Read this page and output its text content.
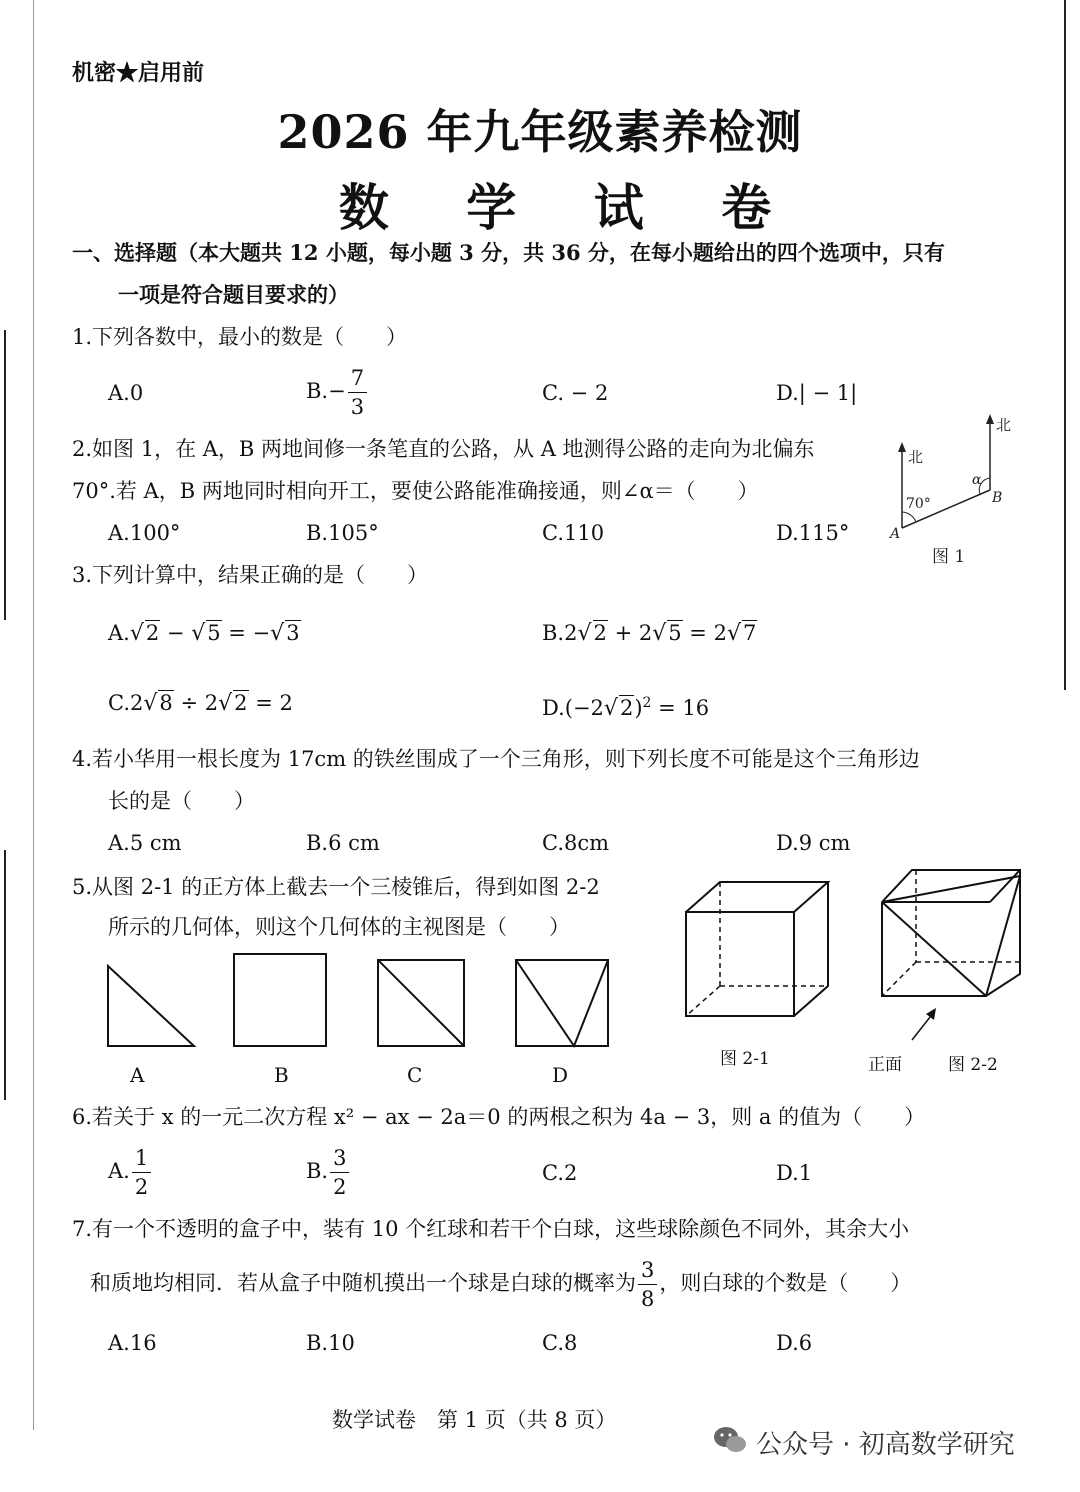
机密★启用前
2026 年九年级素养检测
数 学 试 卷
一、选择题（本大题共 12 小题，每小题 3 分，共 36 分，在每小题给出的四个选项中，只有
一项是符合题目要求的）
1.下列各数中，最小的数是（　　）
A.0	$B.- \frac{7}{3}$	C. − 2	D.| − 1|
2.如图 1，在 A，B 两地间修一条笔直的公路，从 A 地测得公路的走向为北偏东
70°.若 A，B 两地同时相向开工，要使公路能准确接通，则∠α＝（　　）
A.100°	B.105°	C.110	D.115°
北
北
70°
α
A
B
图 1
3.下列计算中，结果正确的是（　　）
A.√2 − √5 = −√3	B.2√2 + 2√5 = 2√7
C.2√8 ÷ 2√2 = 2	$D.(-2√2)^2 = 16$
4.若小华用一根长度为 17cm 的铁丝围成了一个三角形，则下列长度不可能是这个三角形边
长的是（　　）
A.5 cm	B.6 cm	C.8cm	D.9 cm
5.从图 2-1 的正方体上截去一个三棱锥后，得到如图 2-2
所示的几何体，则这个几何体的主视图是（　　）
A	B	C	D
图 2-1	正面	图 2-2
6.若关于 x 的一元二次方程 x² − ax − 2a＝0 的两根之积为 4a − 3，则 a 的值为（　　）
A. $\frac{1}{2}$	B. $\frac{3}{2}$	C.2	D.1
7.有一个不透明的盒子中，装有 10 个红球和若干个白球，这些球除颜色不同外，其余大小
和质地均相同．若从盒子中随机摸出一个球是白球的概率为 $\frac{3}{8}$ ，则白球的个数是（　　）
A.16	B.10	C.8	D.6
数学试卷　第 1 页（共 8 页）
公众号 · 初高数学研究
